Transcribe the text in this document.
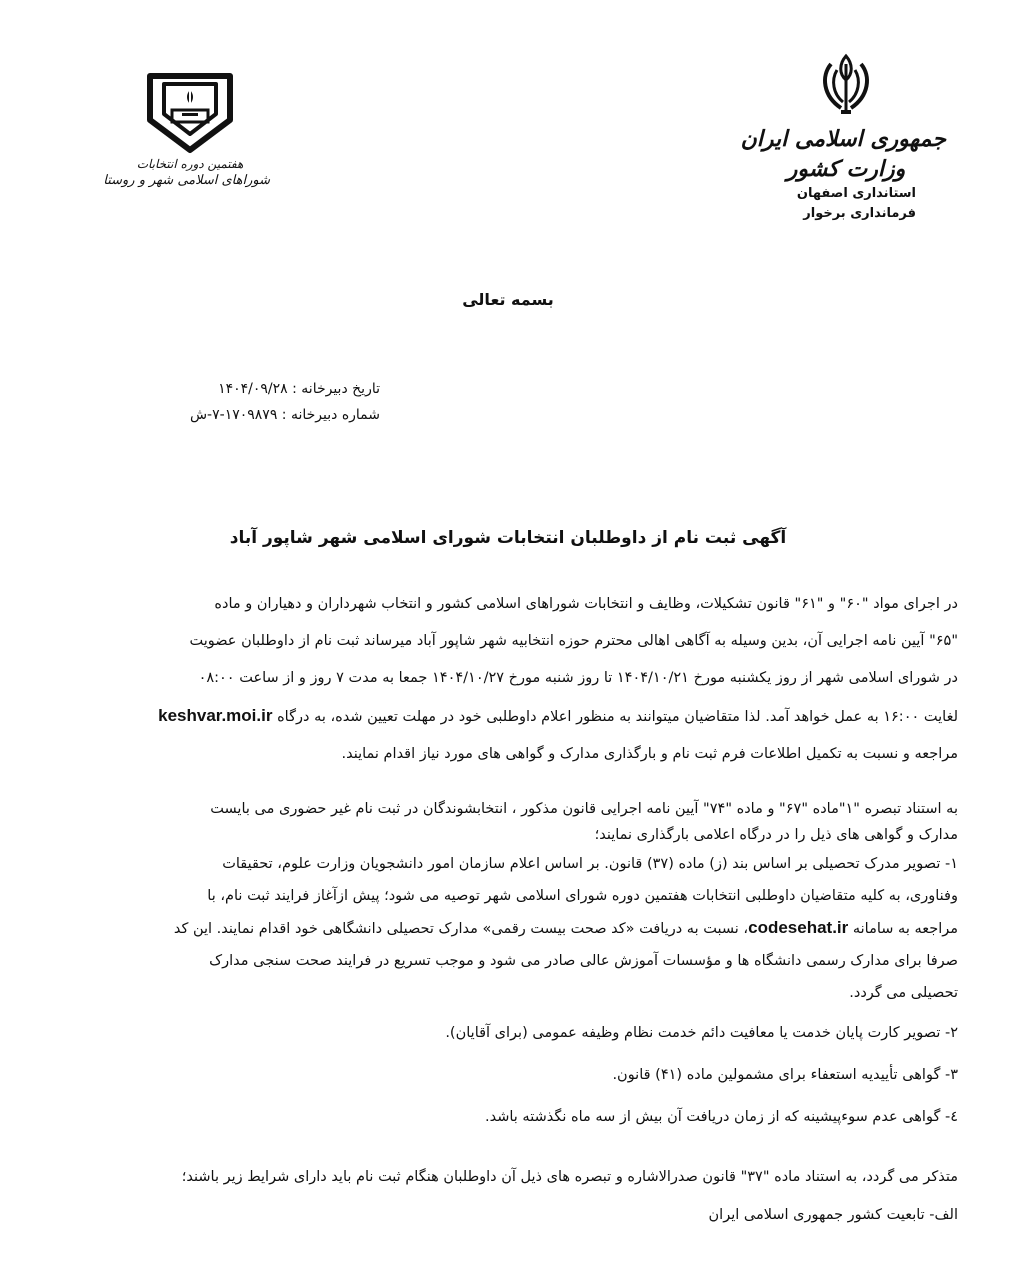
جمهوری اسلامی ایران
وزارت کشور
استانداری اصفهان
فرمانداری برخوار
هفتمین دوره انتخابات
شوراهای اسلامی شهر و روستا
بسمه تعالی
تاریخ دبیرخانه : ۱۴۰۴/۰۹/۲۸
شماره دبیرخانه : ۱۷۰۹۸۷۹-۷-ش
آگهی ثبت نام از داوطلبان انتخابات شورای اسلامی شهر شاپور آباد
در اجرای مواد "۶۰" و "۶۱" قانون تشکیلات، وظایف و انتخابات شوراهای اسلامی کشور و انتخاب شهرداران و دهیاران و ماده
"۶۵" آیین نامه اجرایی آن، بدین وسیله به آگاهی اهالی محترم حوزه انتخابیه شهر شاپور آباد میرساند ثبت نام از داوطلبان عضویت
در شورای اسلامی شهر از روز یکشنبه مورخ ۱۴۰۴/۱۰/۲۱ تا روز شنبه مورخ ۱۴۰۴/۱۰/۲۷ جمعا به مدت ۷ روز و از ساعت ۰۸:۰۰
لغایت ۱۶:۰۰ به عمل خواهد آمد. لذا متقاضیان میتوانند به منظور اعلام داوطلبی خود در مهلت تعیین شده، به درگاه keshvar.moi.ir
مراجعه و نسبت به تکمیل اطلاعات فرم ثبت نام و بارگذاری مدارک و گواهی های مورد نیاز اقدام نمایند.
به استناد تبصره "۱"ماده "۶۷" و ماده "۷۴" آیین نامه اجرایی قانون مذکور ، انتخابشوندگان در ثبت نام غیر حضوری می بایست
مدارک و گواهی های ذیل را در درگاه اعلامی بارگذاری نمایند؛
۱- تصویر مدرک تحصیلی بر اساس بند (ز) ماده (۳۷) قانون. بر اساس اعلام سازمان امور دانشجویان وزارت علوم، تحقیقات
وفناوری، به کلیه متقاضیان داوطلبی انتخابات هفتمین دوره شورای اسلامی شهر توصیه می شود؛ پیش ازآغاز فرایند ثبت نام، با
مراجعه به سامانه codesehat.ir، نسبت به دریافت «کد صحت بیست رقمی» مدارک تحصیلی دانشگاهی خود اقدام نمایند. این کد
صرفا برای مدارک رسمی دانشگاه ها و مؤسسات آموزش عالی صادر می شود و موجب تسریع در فرایند صحت سنجی مدارک
تحصیلی می گردد.
۲- تصویر کارت پایان خدمت یا معافیت دائم خدمت نظام وظیفه عمومی (برای آقایان).
۳- گواهی تأییدیه استعفاء برای مشمولین ماده (۴۱) قانون.
٤- گواهی عدم سوء‌پیشینه که از زمان دریافت آن بیش از سه ماه نگذشته باشد.
متذکر می گردد، به استناد ماده "۳۷" قانون صدرالاشاره و تبصره های ذیل آن داوطلبان هنگام ثبت نام باید دارای شرایط زیر باشند؛
الف- تابعیت کشور جمهوری اسلامی ایران
